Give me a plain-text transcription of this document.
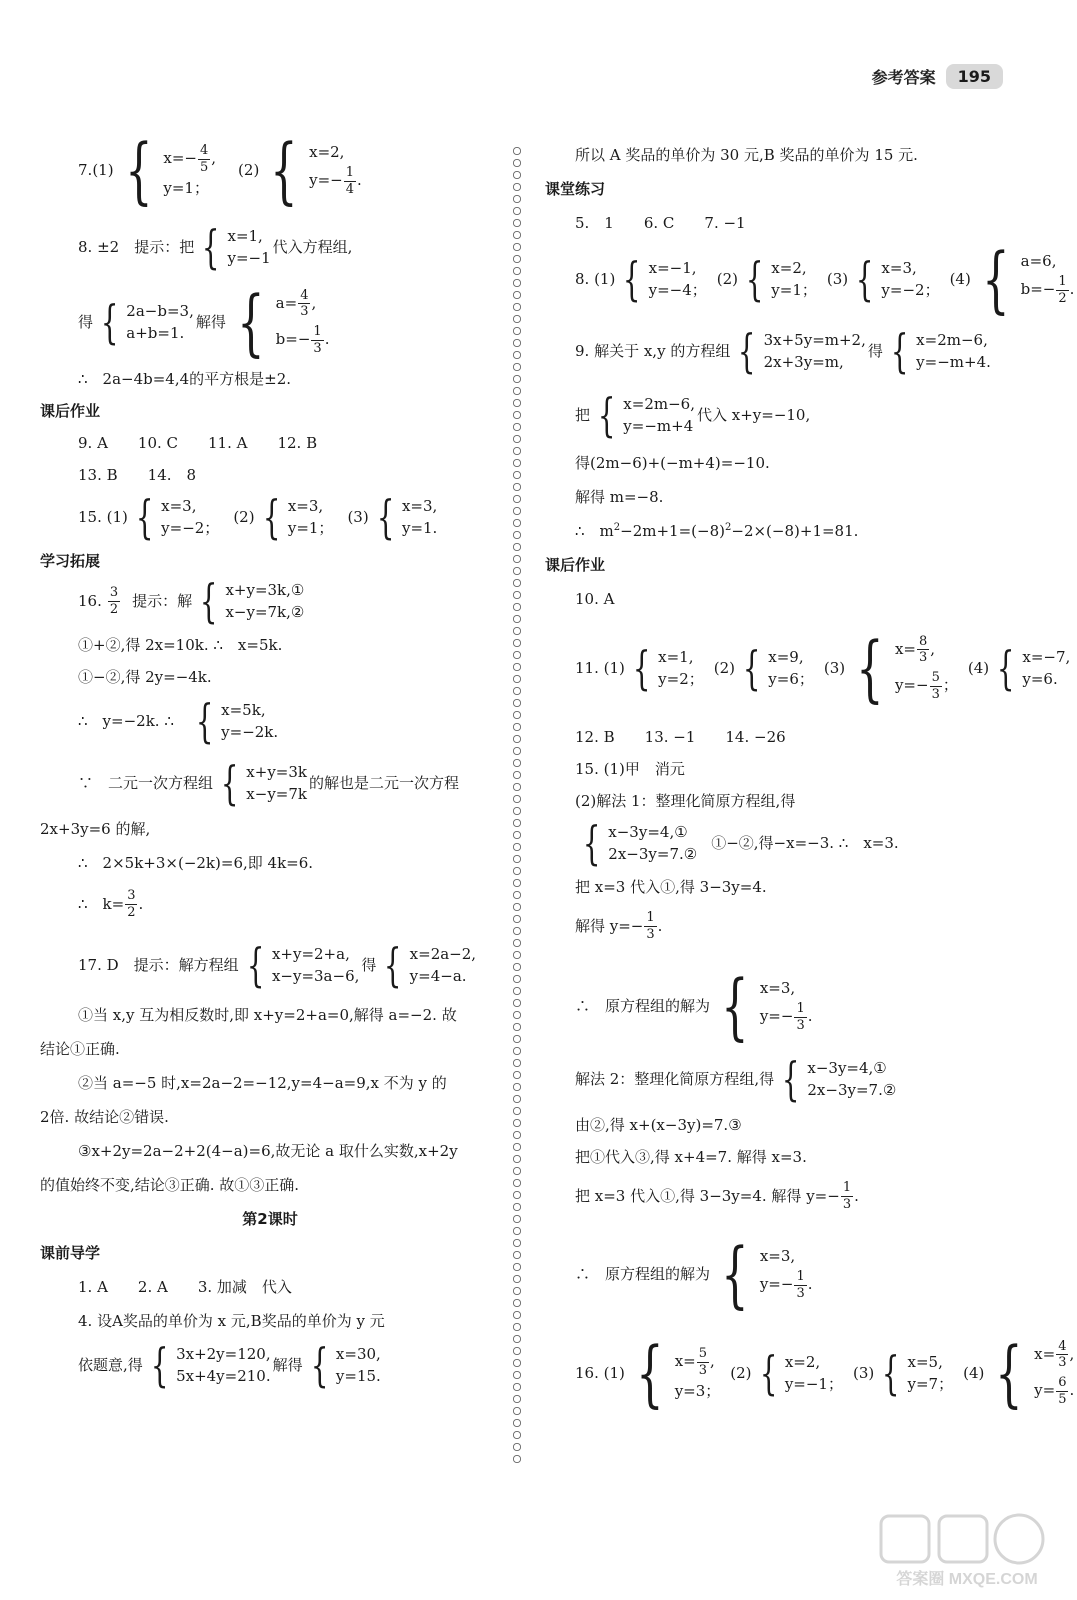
参考答案	195
7. (1)
{ $x=- \frac{4}{5}$ ,
y=1；
(2)
{ x=2,
$y=- \frac{1}{4}$ .
8. ±2　提示：把
{ x=1,
y=−1
代入方程组,
得
{ 2a−b=3,
a+b=1.
解得
{ $a= \frac{4}{3}$ ,
$b=- \frac{1}{3}$ .
∴　2a−4b=4,4的平方根是±2.
课后作业
9. A　　10. C　　11. A　　12. B
13. B　　14.　8
15. (1)
{ x=3,
y=−2；
(2)
{ x=3,
y=1；
(3)
{ x=3,
y=1.
学习拓展
16. $\frac{3}{2}$ 提示：解
{ x+y=3k,①
x−y=7k,②
①+②,得 2x=10k. ∴　x=5k.
①−②,得 2y=−4k.
∴　y=−2k. ∴
{ x=5k,
y=−2k.
∵　二元一次方程组
{ x+y=3k
x−y=7k
的解也是二元一次方程
2x+3y=6 的解,
∴　2×5k+3×(−2k)=6,即 4k=6.
∴　$k= \frac{3}{2}$ .
17. D　提示：解方程组
{ x+y=2+a,
x−y=3a−6,
得
{ x=2a−2,
y=4−a.
①当 x,y 互为相反数时,即 x+y=2+a=0,解得 a=−2. 故
结论①正确.
②当 a=−5 时,x=2a−2=−12,y=4−a=9,x 不为 y 的
2倍. 故结论②错误.
③x+2y=2a−2+2(4−a)=6,故无论 a 取什么实数,x+2y
的值始终不变,结论③正确. 故①③正确.
第2课时
课前导学
1. A　　2. A　　3. 加减　代入
4. 设A奖品的单价为 x 元,B奖品的单价为 y 元
依题意,得
{ 3x+2y=120,
5x+4y=210.
解得
{ x=30,
y=15.
所以 A 奖品的单价为 30 元,B 奖品的单价为 15 元.
课堂练习
5.　1　　6. C　　7. −1
8. (1)
{ x=−1,
y=−4；
(2)
{ x=2,
y=1；
(3)
{ x=3,
y=−2；
(4)
{ a=6,
$b=- \frac{1}{2}$ .
9. 解关于 x,y 的方程组
{ 3x+5y=m+2,
2x+3y=m,
得
{ x=2m−6,
y=−m+4.
把
{ x=2m−6,
y=−m+4
代入 x+y=−10,
得(2m−6)+(−m+4)=−10.
解得 m=−8.
∴　$m^2-2m+1=(-8)^2-2\times(-8)+1=81$.
课后作业
10. A
11. (1)
{ x=1,
y=2；
(2)
{ x=9,
y=6；
(3)
{ $x= \frac{8}{3}$ ,
$y=- \frac{5}{3}$ ；
(4)
{ x=−7,
y=6.
12. B　　13. −1　　14. −26
15. (1)甲　消元
(2)解法 1：整理化简原方程组,得
{ x−3y=4,①
2x−3y=7.②
①−②,得−x=−3. ∴　x=3.
把 x=3 代入①,得 3−3y=4.
解得 $y=- \frac{1}{3}$ .
∴　原方程组的解为
{ x=3,
$y=- \frac{1}{3}$ .
解法 2：整理化简原方程组,得
{ x−3y=4,①
2x−3y=7.②
由②,得 x+(x−3y)=7.③
把①代入③,得 x+4=7. 解得 x=3.
把 x=3 代入①,得 3−3y=4. 解得 $y=- \frac{1}{3}$ .
∴　原方程组的解为
{ x=3,
$y=- \frac{1}{3}$ .
16. (1)
{ $x= \frac{5}{3}$ ,
y=3；
(2)
{ x=2,
y=−1；
(3)
{ x=5,
y=7；
(4)
{ $x= \frac{4}{3}$ ,
$y= \frac{6}{5}$ .
答案圈 MXQE.COM
